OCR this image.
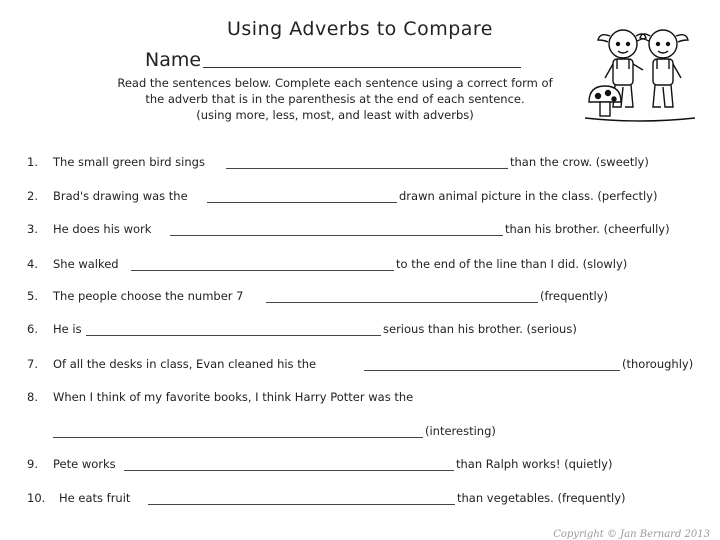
Using Adverbs to Compare
Name
Read the sentences below. Complete each sentence using a correct form of
the adverb that is in the parenthesis at the end of each sentence.
(using more, less, most, and least with adverbs)
1. The small green bird sings	than the crow. (sweetly)
2. Brad's drawing was the	drawn animal picture in the class. (perfectly)
3. He does his work	than his brother. (cheerfully)
4. She walked	to the end of the line than I did. (slowly)
5. The people choose the number 7	(frequently)
6. He is	serious than his brother. (serious)
7. Of all the desks in class, Evan cleaned his the	(thoroughly)
8. When I think of my favorite books, I think Harry Potter was the
(interesting)
9. Pete works	than Ralph works! (quietly)
10. He eats fruit	than vegetables. (frequently)
Copyright © Jan Bernard 2013
